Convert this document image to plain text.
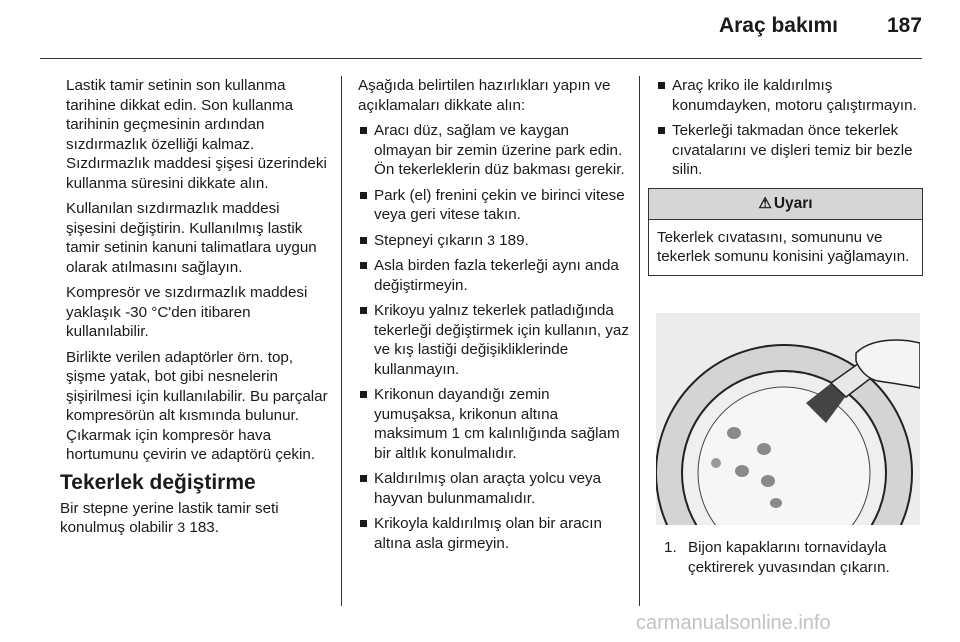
Araç bakımı 187

Lastik tamir setinin son kullanma tarihine dikkat edin. Son kullanma tarihinin geçmesinin ardından sızdırmazlık özelliği kalmaz. Sızdırmazlık maddesi şişesi üzerindeki kullanma süresini dikkate alın.

Kullanılan sızdırmazlık maddesi şişesini değiştirin. Kullanılmış lastik tamir setinin kanuni talimatlara uygun olarak atılmasını sağlayın.

Kompresör ve sızdırmazlık maddesi yaklaşık -30 °C'den itibaren kullanılabilir.

Birlikte verilen adaptörler örn. top, şişme yatak, bot gibi nesnelerin şişirilmesi için kullanılabilir. Bu parçalar kompresörün alt kısmında bulunur. Çıkarmak için kompresör hava hortumunu çevirin ve adaptörü çekin.

Tekerlek değiştirme

Bir stepne yerine lastik tamir seti konulmuş olabilir 3 183.

Aşağıda belirtilen hazırlıkları yapın ve açıklamaları dikkate alın:

Aracı düz, sağlam ve kaygan olmayan bir zemin üzerine park edin. Ön tekerleklerin düz bakması gerekir.
Park (el) frenini çekin ve birinci vitese veya geri vitese takın.
Stepneyi çıkarın 3 189.
Asla birden fazla tekerleği aynı anda değiştirmeyin.
Krikoyu yalnız tekerlek patladığında tekerleği değiştirmek için kullanın, yaz ve kış lastiği değişikliklerinde kullanmayın.
Krikonun dayandığı zemin yumuşaksa, krikonun altına maksimum 1 cm kalınlığında sağlam bir altlık konulmalıdır.
Kaldırılmış olan araçta yolcu veya hayvan bulunmamalıdır.
Krikoyla kaldırılmış olan bir aracın altına asla girmeyin.
Araç kriko ile kaldırılmış konumdayken, motoru çalıştırmayın.
Tekerleği takmadan önce tekerlek cıvatalarını ve dişleri temiz bir bezle silin.
⚠ Uyarı
Tekerlek cıvatasını, somununu ve tekerlek somunu konisini yağlamayın.
1. Bijon kapaklarını tornavidayla çektirerek yuvasından çıkarın.
carmanualsonline.info
